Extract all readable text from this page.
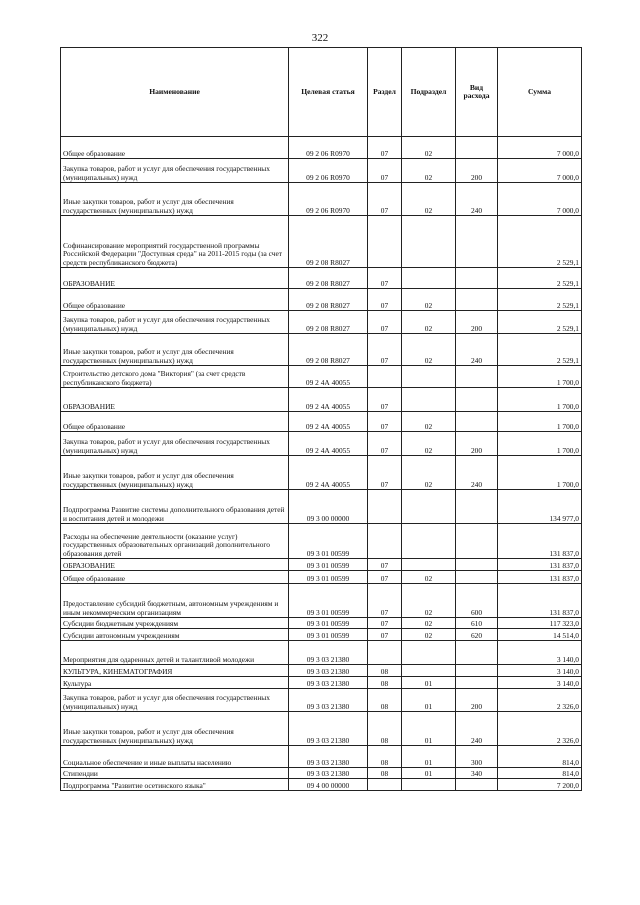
322
Наименование	Целевая статья	Раздел	Подраздел	Вид расхода	Сумма
Общее образование	09 2 06 R0970	07	02		7 000,0
Закупка товаров, работ и услуг для обеспечения государственных (муниципальных) нужд	09 2 06 R0970	07	02	200	7 000,0
Иные закупки товаров, работ и услуг для обеспечения государственных (муниципальных) нужд	09 2 06 R0970	07	02	240	7 000,0
Софинансирование мероприятий государственной программы Российской Федерации "Доступная среда" на 2011-2015 годы (за счет средств республиканского бюджета)	09 2 08 R8027				2 529,1
ОБРАЗОВАНИЕ	09 2 08 R8027	07			2 529,1
Общее образование	09 2 08 R8027	07	02		2 529,1
Закупка товаров, работ и услуг для обеспечения государственных (муниципальных) нужд	09 2 08 R8027	07	02	200	2 529,1
Иные закупки товаров, работ и услуг для обеспечения государственных (муниципальных) нужд	09 2 08 R8027	07	02	240	2 529,1
Строительство детского дома "Виктория" (за счет средств республиканского бюджета)	09 2 4А 40055				1 700,0
ОБРАЗОВАНИЕ	09 2 4А 40055	07			1 700,0
Общее образование	09 2 4А 40055	07	02		1 700,0
Закупка товаров, работ и услуг для обеспечения государственных (муниципальных) нужд	09 2 4А 40055	07	02	200	1 700,0
Иные закупки товаров, работ и услуг для обеспечения государственных (муниципальных) нужд	09 2 4А 40055	07	02	240	1 700,0
Подпрограмма Развитие системы дополнительного образования детей и воспитания детей и молодежи	09 3 00 00000				134 977,0
Расходы на обеспечение деятельности (оказание услуг) государственных образовательных организаций дополнительного образования детей	09 3 01 00599				131 837,0
ОБРАЗОВАНИЕ	09 3 01 00599	07			131 837,0
Общее образование	09 3 01 00599	07	02		131 837,0
Предоставление субсидий бюджетным, автономным учреждениям и иным некоммерческим организациям	09 3 01 00599	07	02	600	131 837,0
Субсидии бюджетным учреждениям	09 3 01 00599	07	02	610	117 323,0
Субсидии автономным учреждениям	09 3 01 00599	07	02	620	14 514,0
Мероприятия для одаренных детей и талантливой молодежи	09 3 03 21380				3 140,0
КУЛЬТУРА, КИНЕМАТОГРАФИЯ	09 3 03 21380	08			3 140,0
Культура	09 3 03 21380	08	01		3 140,0
Закупка товаров, работ и услуг для обеспечения государственных (муниципальных) нужд	09 3 03 21380	08	01	200	2 326,0
Иные закупки товаров, работ и услуг для обеспечения государственных (муниципальных) нужд	09 3 03 21380	08	01	240	2 326,0
Социальное обеспечение и иные выплаты населению	09 3 03 21380	08	01	300	814,0
Стипендии	09 3 03 21380	08	01	340	814,0
Подпрограмма "Развитие осетинского языка"	09 4 00 00000				7 200,0
